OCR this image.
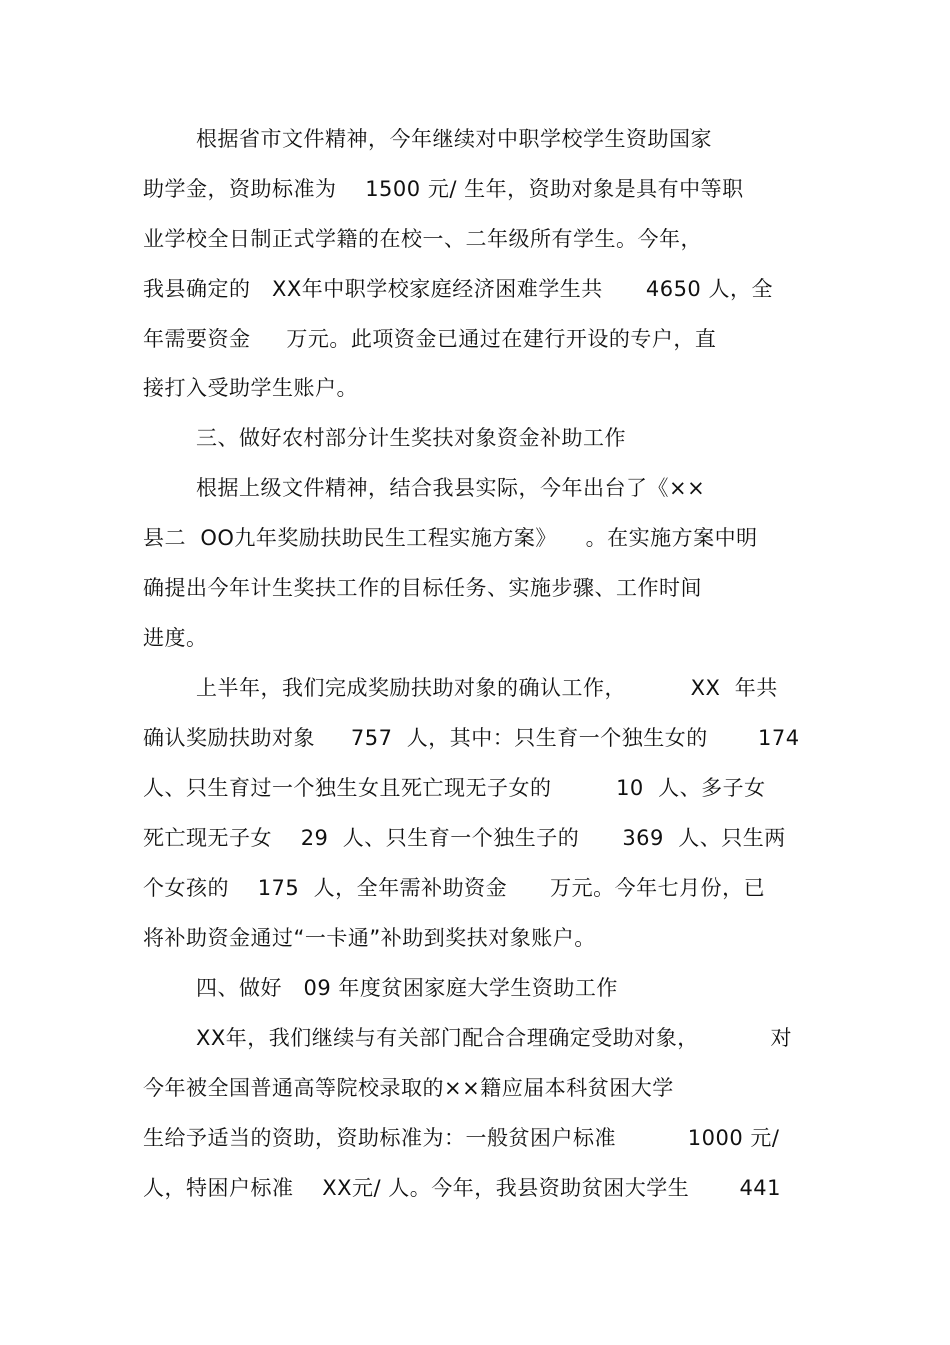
根据省市文件精神，今年继续对中职学校学生资助国家
助学金，资助标准为    1500 元/ 生年，资助对象是具有中等职
业学校全日制正式学籍的在校一、二年级所有学生。今年，
我县确定的   XX年中职学校家庭经济困难学生共      4650 人，全
年需要资金     万元。此项资金已通过在建行开设的专户，直
接打入受助学生账户。
三、做好农村部分计生奖扶对象资金补助工作
根据上级文件精神，结合我县实际，今年出台了《××
县二  OO九年奖励扶助民生工程实施方案》    。在实施方案中明
确提出今年计生奖扶工作的目标任务、实施步骤、工作时间
进度。
上半年，我们完成奖励扶助对象的确认工作，         XX  年共
确认奖励扶助对象     757  人，其中：只生育一个独生女的       174
人、只生育过一个独生女且死亡现无子女的         10  人、多子女
死亡现无子女    29  人、只生育一个独生子的      369  人、只生两
个女孩的    175  人，全年需补助资金      万元。今年七月份，已
将补助资金通过“一卡通”补助到奖扶对象账户。
四、做好   09 年度贫困家庭大学生资助工作
XX年，我们继续与有关部门配合合理确定受助对象，          对
今年被全国普通高等院校录取的××籍应届本科贫困大学
生给予适当的资助，资助标准为：一般贫困户标准          1000 元/
人，特困户标准    XX元/ 人。今年，我县资助贫困大学生       441
